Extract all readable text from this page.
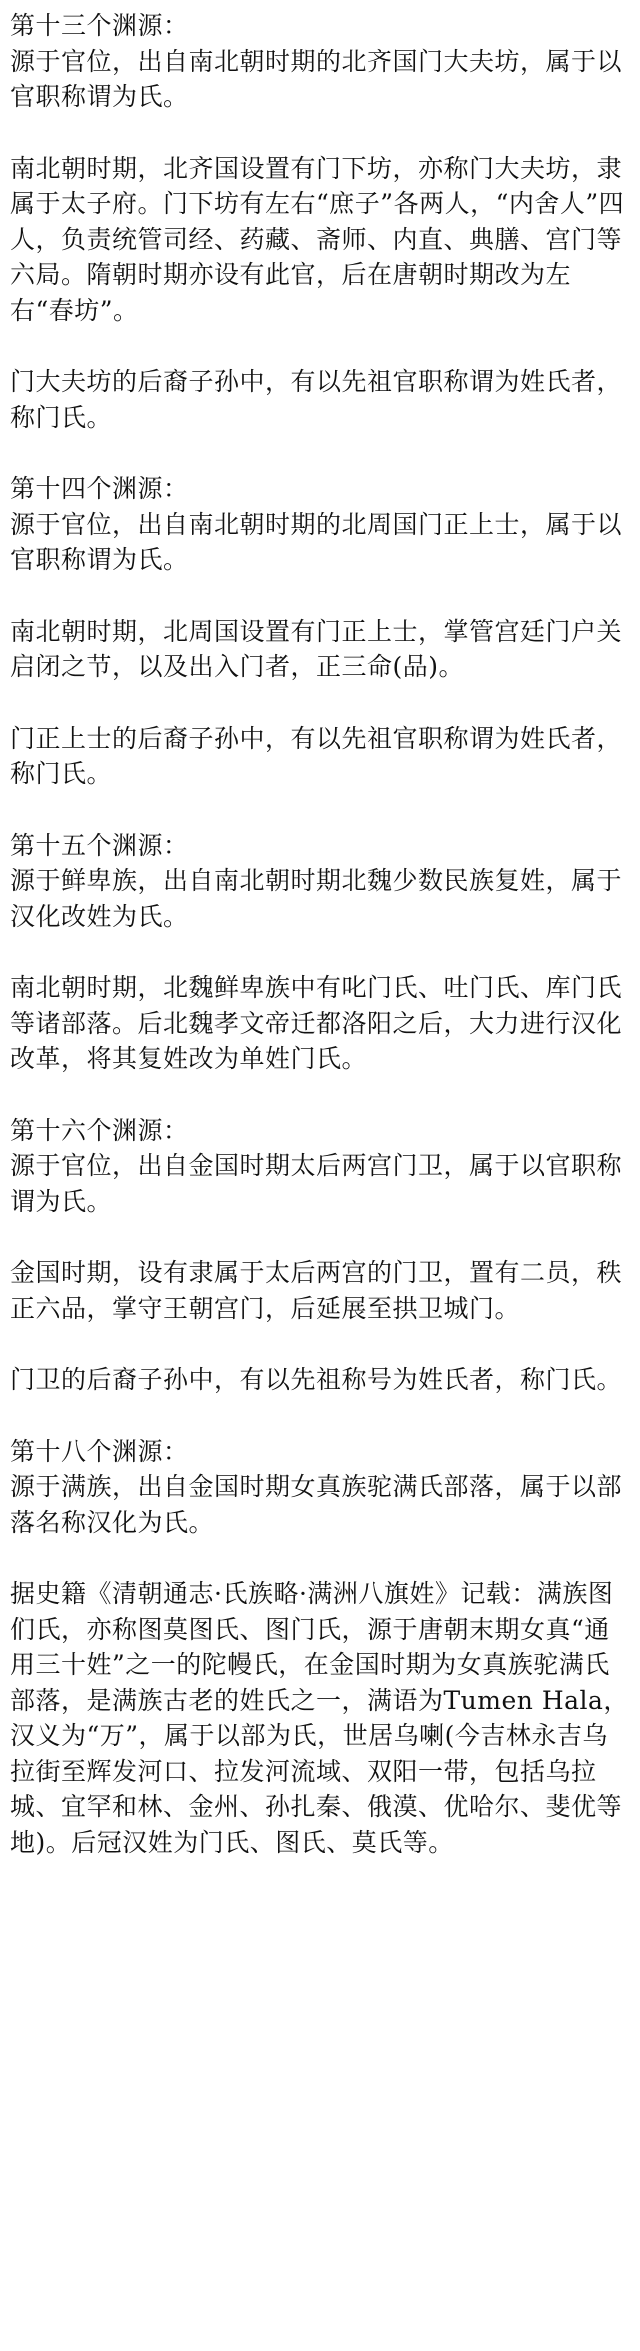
第十三个渊源：
源于官位，出自南北朝时期的北齐国门大夫坊，属于以官职称谓为氏。
南北朝时期，北齐国设置有门下坊，亦称门大夫坊，隶属于太子府。门下坊有左右“庶子”各两人，“内舍人”四人，负责统管司经、药藏、斋师、内直、典膳、宫门等六局。隋朝时期亦设有此官，后在唐朝时期改为左右“春坊”。
门大夫坊的后裔子孙中，有以先祖官职称谓为姓氏者，称门氏。
第十四个渊源：
源于官位，出自南北朝时期的北周国门正上士，属于以官职称谓为氏。
南北朝时期，北周国设置有门正上士，掌管宫廷门户关启闭之节，以及出入门者，正三命(品)。
门正上士的后裔子孙中，有以先祖官职称谓为姓氏者，称门氏。
第十五个渊源：
源于鲜卑族，出自南北朝时期北魏少数民族复姓，属于汉化改姓为氏。
南北朝时期，北魏鲜卑族中有叱门氏、吐门氏、库门氏等诸部落。后北魏孝文帝迁都洛阳之后，大力进行汉化改革，将其复姓改为单姓门氏。
第十六个渊源：
源于官位，出自金国时期太后两宫门卫，属于以官职称谓为氏。
金国时期，设有隶属于太后两宫的门卫，置有二员，秩正六品，掌守王朝宫门，后延展至拱卫城门。
门卫的后裔子孙中，有以先祖称号为姓氏者，称门氏。
第十八个渊源：
源于满族，出自金国时期女真族驼满氏部落，属于以部落名称汉化为氏。
据史籍《清朝通志·氏族略·满洲八旗姓》记载：满族图们氏，亦称图莫图氏、图门氏，源于唐朝末期女真“通用三十姓”之一的陀幔氏，在金国时期为女真族驼满氏部落，是满族古老的姓氏之一，满语为Tumen Hala，汉义为“万”，属于以部为氏，世居乌喇(今吉林永吉乌拉街至辉发河口、拉发河流域、双阳一带，包括乌拉城、宜罕和林、金州、孙扎秦、俄漠、优哈尔、斐优等地)。后冠汉姓为门氏、图氏、莫氏等。
